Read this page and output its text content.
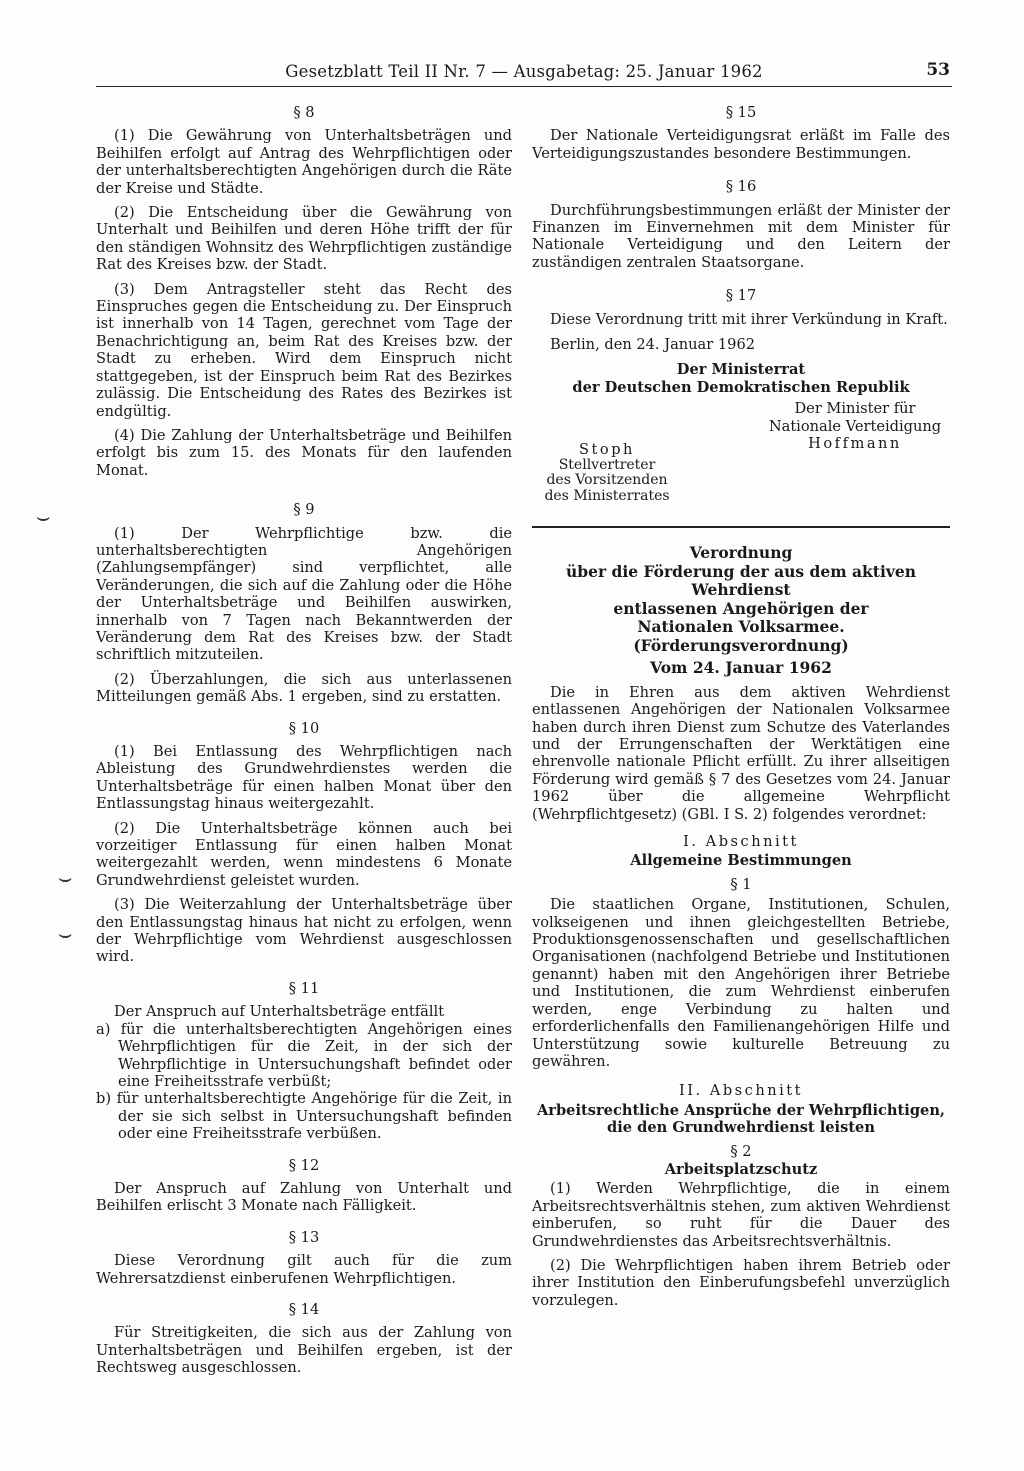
Gesetzblatt Teil II Nr. 7 — Ausgabetag: 25. Januar 1962	53
⌣
⌣
⌣
§ 8

(1) Die Gewährung von Unterhaltsbeträgen und Beihilfen erfolgt auf Antrag des Wehrpflichtigen oder der unterhaltsberechtigten Angehörigen durch die Räte der Kreise und Städte.

(2) Die Entscheidung über die Gewährung von Unterhalt und Beihilfen und deren Höhe trifft der für den ständigen Wohnsitz des Wehrpflichtigen zuständige Rat des Kreises bzw. der Stadt.

(3) Dem Antragsteller steht das Recht des Einspruches gegen die Entscheidung zu. Der Einspruch ist innerhalb von 14 Tagen, gerechnet vom Tage der Benachrichtigung an, beim Rat des Kreises bzw. der Stadt zu erheben. Wird dem Einspruch nicht stattgegeben, ist der Einspruch beim Rat des Bezirkes zulässig. Die Entscheidung des Rates des Bezirkes ist endgültig.

(4) Die Zahlung der Unterhaltsbeträge und Beihilfen erfolgt bis zum 15. des Monats für den laufenden Monat.

§ 9

(1) Der Wehrpflichtige bzw. die unterhaltsberechtigten Angehörigen (Zahlungsempfänger) sind verpflichtet, alle Veränderungen, die sich auf die Zahlung oder die Höhe der Unterhaltsbeträge und Beihilfen auswirken, innerhalb von 7 Tagen nach Bekanntwerden der Veränderung dem Rat des Kreises bzw. der Stadt schriftlich mitzuteilen.

(2) Überzahlungen, die sich aus unterlassenen Mitteilungen gemäß Abs. 1 ergeben, sind zu erstatten.

§ 10

(1) Bei Entlassung des Wehrpflichtigen nach Ableistung des Grundwehrdienstes werden die Unterhaltsbeträge für einen halben Monat über den Entlassungstag hinaus weitergezahlt.

(2) Die Unterhaltsbeträge können auch bei vorzeitiger Entlassung für einen halben Monat weitergezahlt werden, wenn mindestens 6 Monate Grundwehrdienst geleistet wurden.

(3) Die Weiterzahlung der Unterhaltsbeträge über den Entlassungstag hinaus hat nicht zu erfolgen, wenn der Wehrpflichtige vom Wehrdienst ausgeschlossen wird.

§ 11

Der Anspruch auf Unterhaltsbeträge entfällt

a) für die unterhaltsberechtigten Angehörigen eines Wehrpflichtigen für die Zeit, in der sich der Wehrpflichtige in Untersuchungshaft befindet oder eine Freiheitsstrafe verbüßt;

b) für unterhaltsberechtigte Angehörige für die Zeit, in der sie sich selbst in Untersuchungshaft befinden oder eine Freiheitsstrafe verbüßen.

§ 12

Der Anspruch auf Zahlung von Unterhalt und Beihilfen erlischt 3 Monate nach Fälligkeit.

§ 13

Diese Verordnung gilt auch für die zum Wehrersatzdienst einberufenen Wehrpflichtigen.

§ 14

Für Streitigkeiten, die sich aus der Zahlung von Unterhaltsbeträgen und Beihilfen ergeben, ist der Rechtsweg ausgeschlossen.

§ 15

Der Nationale Verteidigungsrat erläßt im Falle des Verteidigungszustandes besondere Bestimmungen.

§ 16

Durchführungsbestimmungen erläßt der Minister der Finanzen im Einvernehmen mit dem Minister für Nationale Verteidigung und den Leitern der zuständigen zentralen Staatsorgane.

§ 17

Diese Verordnung tritt mit ihrer Verkündung in Kraft.

Berlin, den 24. Januar 1962

Der Ministerrat
der Deutschen Demokratischen Republik
Der Minister für
Nationale Verteidigung
Hoffmann
Stoph
Stellvertreter
des Vorsitzenden
des Ministerrates
Verordnung
über die Förderung der aus dem aktiven Wehrdienst
entlassenen Angehörigen der
Nationalen Volksarmee.
(Förderungsverordnung)
Vom 24. Januar 1962

Die in Ehren aus dem aktiven Wehrdienst entlassenen Angehörigen der Nationalen Volksarmee haben durch ihren Dienst zum Schutze des Vaterlandes und der Errungenschaften der Werktätigen eine ehrenvolle nationale Pflicht erfüllt. Zu ihrer allseitigen Förderung wird gemäß § 7 des Gesetzes vom 24. Januar 1962 über die allgemeine Wehrpflicht (Wehrpflichtgesetz) (GBl. I S. 2) folgendes verordnet:

I. Abschnitt
Allgemeine Bestimmungen
§ 1

Die staatlichen Organe, Institutionen, Schulen, volkseigenen und ihnen gleichgestellten Betriebe, Produktionsgenossenschaften und gesellschaftlichen Organisationen (nachfolgend Betriebe und Institutionen genannt) haben mit den Angehörigen ihrer Betriebe und Institutionen, die zum Wehrdienst einberufen werden, enge Verbindung zu halten und erforderlichenfalls den Familienangehörigen Hilfe und Unterstützung sowie kulturelle Betreuung zu gewähren.

II. Abschnitt
Arbeitsrechtliche Ansprüche der Wehrpflichtigen,
die den Grundwehrdienst leisten
§ 2
Arbeitsplatzschutz

(1) Werden Wehrpflichtige, die in einem Arbeitsrechtsverhältnis stehen, zum aktiven Wehrdienst einberufen, so ruht für die Dauer des Grundwehrdienstes das Arbeitsrechtsverhältnis.

(2) Die Wehrpflichtigen haben ihrem Betrieb oder ihrer Institution den Einberufungsbefehl unverzüglich vorzulegen.
